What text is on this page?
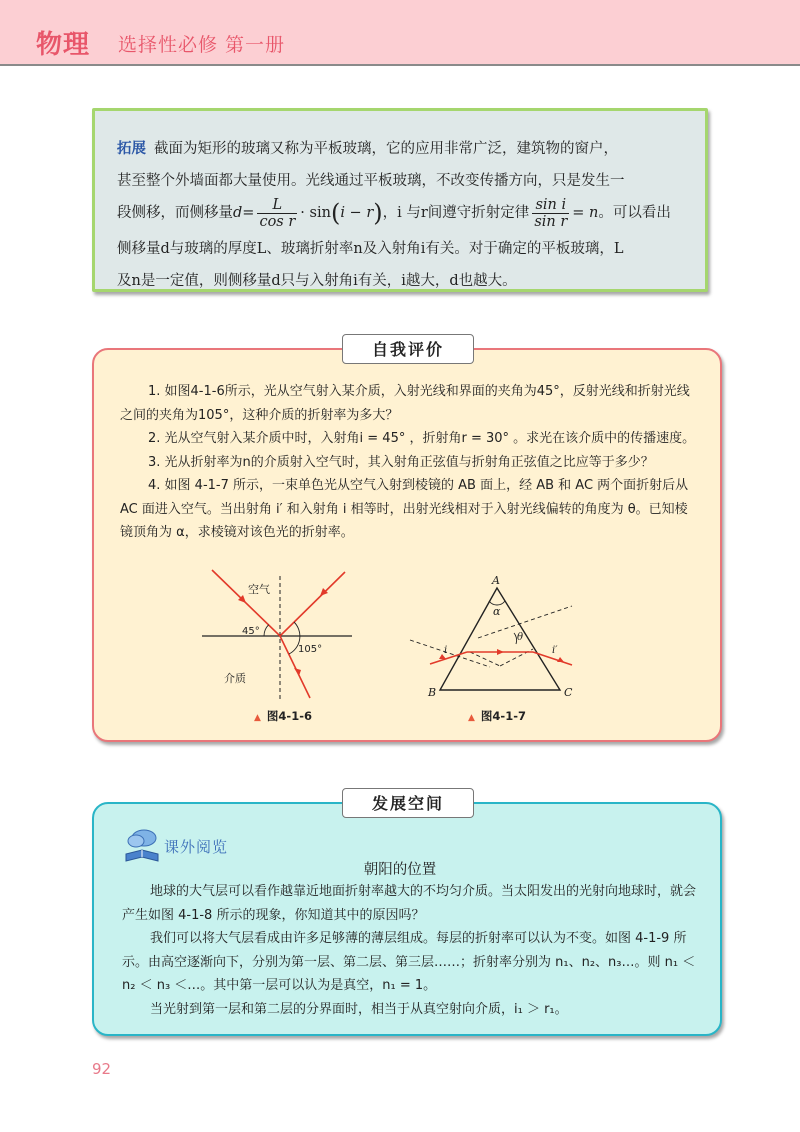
物理 选择性必修 第一册
拓展 截面为矩形的玻璃又称为平板玻璃，它的应用非常广泛，建筑物的窗户，
甚至整个外墙面都大量使用。光线通过平板玻璃，不改变传播方向，只是发生一
段侧移，而侧移量$d= \frac{L}{\text{cos r}} \cdot \sin(i - r)$，i 与r间遵守折射定律 $\frac{\text{sin i}}{\text{sin r}} = n$。可以看出
侧移量d与玻璃的厚度L、玻璃折射率n及入射角i有关。对于确定的平板玻璃，L
及n是一定值，则侧移量d只与入射角i有关，i越大，d也越大。
自我评价

1. 如图4-1-6所示，光从空气射入某介质，入射光线和界面的夹角为45°，反射光线和折射光线之间的夹角为105°，这种介质的折射率为多大？

2. 光从空气射入某介质中时，入射角i = 45° ，折射角r = 30° 。求光在该介质中的传播速度。

3. 光从折射率为n的介质射入空气时，其入射角正弦值与折射角正弦值之比应等于多少？

4. 如图 4-1-7 所示，一束单色光从空气入射到棱镜的 AB 面上，经 AB 和 AC 两个面折射后从 AC 面进入空气。当出射角 i′ 和入射角 i 相等时，出射光线相对于入射光线偏转的角度为 θ。已知棱镜顶角为 α，求棱镜对该色光的折射率。

空气
45°
105°
介质
▲ 图4-1-6
A
B	C
α
θ
i	i′
▲ 图4-1-7
发展空间
课外阅览
朝阳的位置

地球的大气层可以看作越靠近地面折射率越大的不均匀介质。当太阳发出的光射向地球时，就会产生如图 4-1-8 所示的现象，你知道其中的原因吗？

我们可以将大气层看成由许多足够薄的薄层组成。每层的折射率可以认为不变。如图 4-1-9 所示。由高空逐渐向下，分别为第一层、第二层、第三层……；折射率分别为 n₁、n₂、n₃…。则 n₁ ＜ n₂ ＜ n₃ ＜…。其中第一层可以认为是真空，n₁ = 1。

当光射到第一层和第二层的分界面时，相当于从真空射向介质，i₁ ＞ r₁。

92
